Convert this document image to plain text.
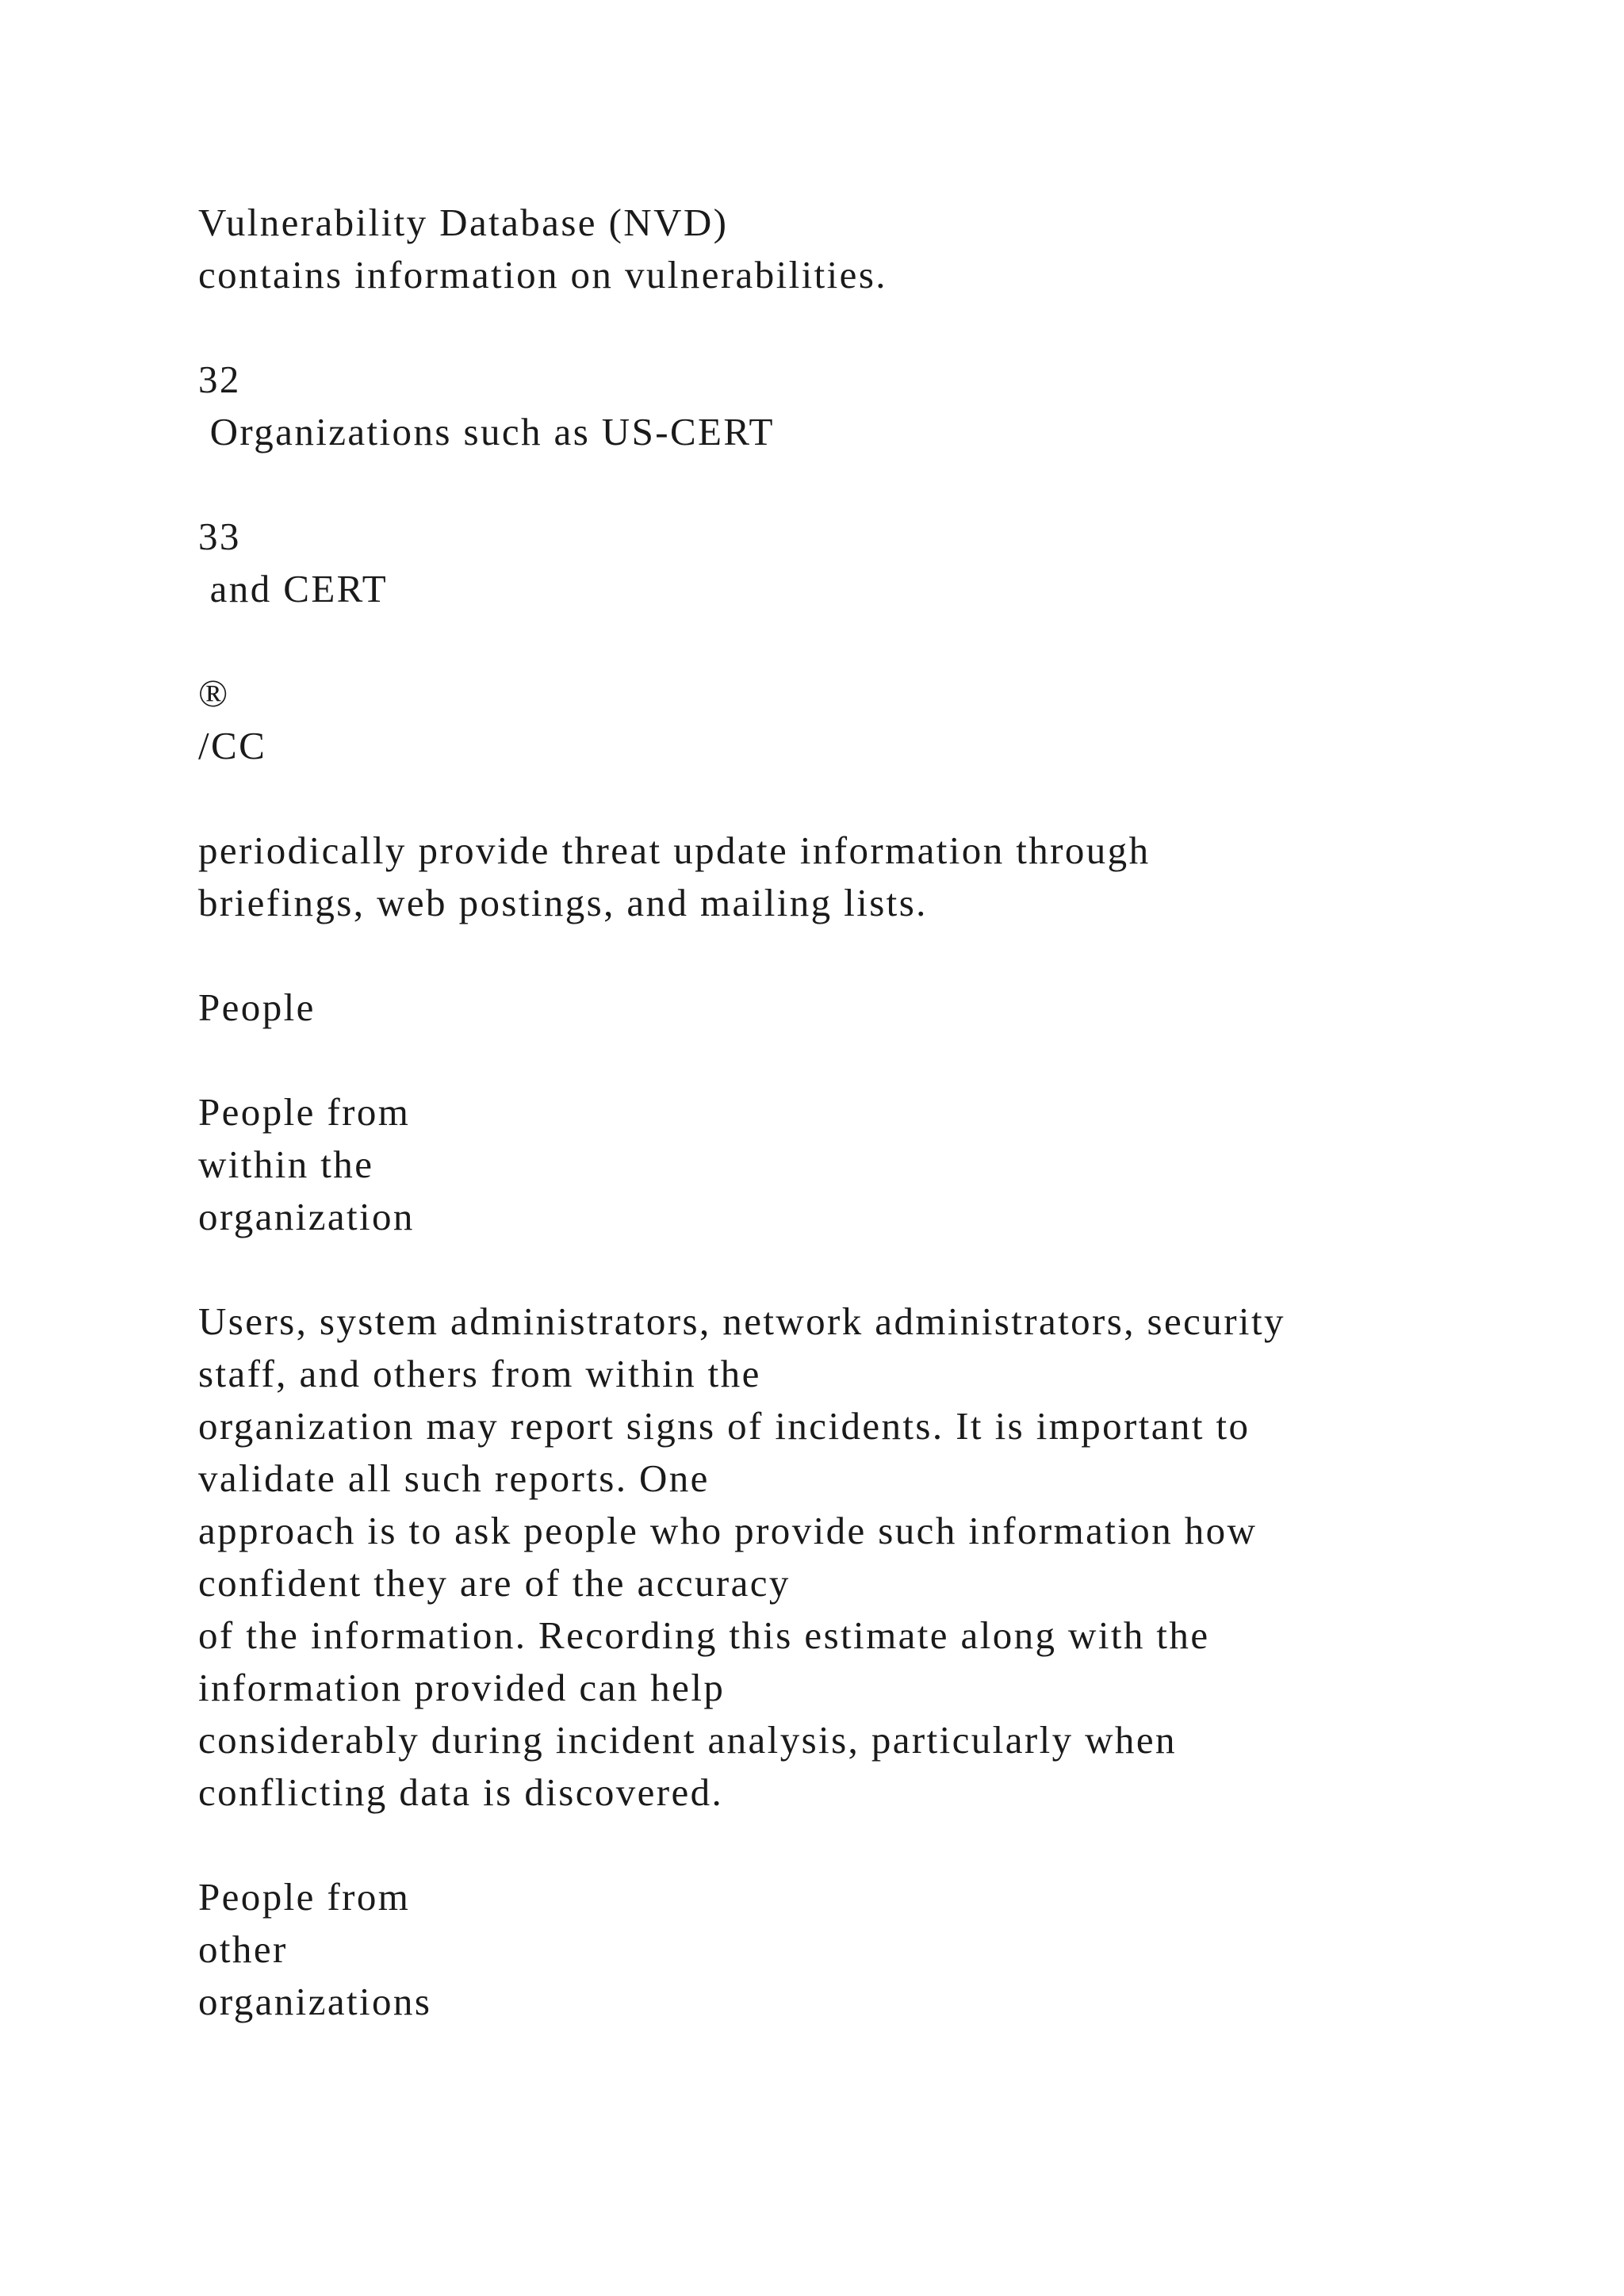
Vulnerability Database (NVD)
contains information on vulnerabilities.
32
Organizations such as US-CERT
33
and CERT
®
/CC
periodically provide threat update information through
briefings, web postings, and mailing lists.
People
People from
within the
organization
Users, system administrators, network administrators, security
staff, and others from within the
organization may report signs of incidents. It is important to
validate all such reports. One
approach is to ask people who provide such information how
confident they are of the accuracy
of the information. Recording this estimate along with the
information provided can help
considerably during incident analysis, particularly when
conflicting data is discovered.
People from
other
organizations
